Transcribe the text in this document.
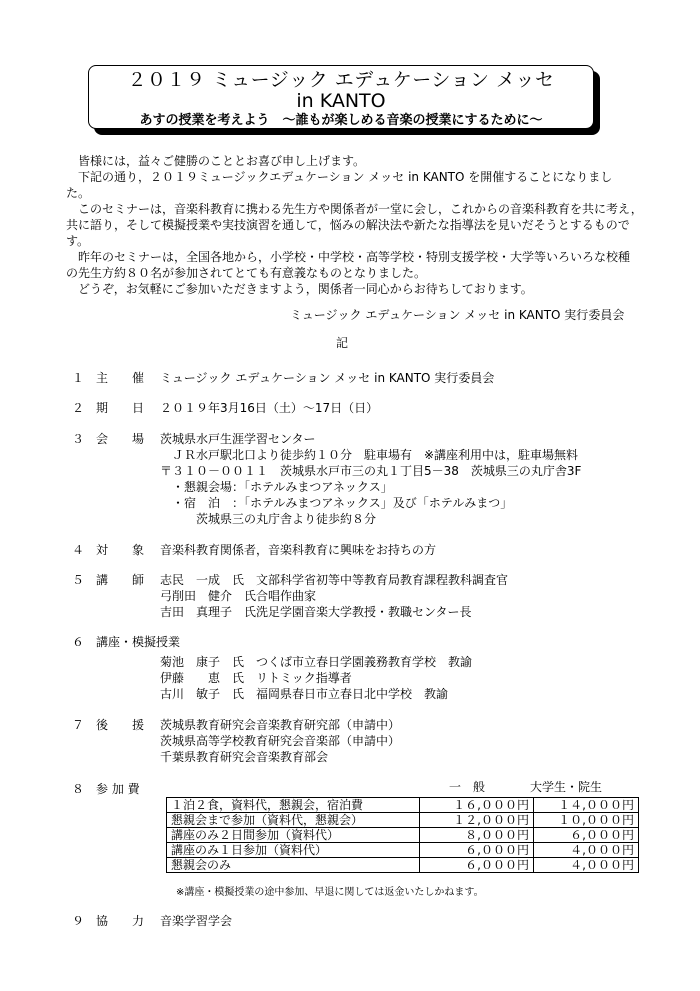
２０１９ ミュージック エデュケーション メッセ
in KANTO
あすの授業を考えよう　～誰もが楽しめる音楽の授業にするために～
皆様には，益々ご健勝のこととお喜び申し上げます。
下記の通り，２０１９ミュージックエデュケーション メッセ in KANTO を開催することになりまし
た。
このセミナーは，音楽科教育に携わる先生方や関係者が一堂に会し，これからの音楽科教育を共に考え，
共に語り，そして模擬授業や実技演習を通して，悩みの解決法や新たな指導法を見いだそうとするもので
す。
昨年のセミナーは，全国各地から，小学校・中学校・高等学校・特別支援学校・大学等いろいろな校種
の先生方約８０名が参加されてとても有意義なものとなりました。
どうぞ，お気軽にご参加いただきますよう，関係者一同心からお待ちしております。
ミュージック エデュケーション メッセ in KANTO 実行委員会
記
１ 主　　催 ミュージック エデュケーション メッセ in KANTO 実行委員会
２ 期　　日 ２０１９年3月16日（土）～17日（日）
３ 会　　場 茨城県水戸生涯学習センター
ＪＲ水戸駅北口より徒歩約１０分　駐車場有　※講座利用中は，駐車場無料
〒３１０－００１１　茨城県水戸市三の丸１丁目5－38　茨城県三の丸庁舎3F
・懇親会場：「ホテルみまつアネックス」
・宿　泊　：「ホテルみまつアネックス」及び「ホテルみまつ」
茨城県三の丸庁舎より徒歩約８分
４ 対　　象 音楽科教育関係者，音楽科教育に興味をお持ちの方
５ 講　　師 志民　一成　氏 文部科学省初等中等教育局教育課程教科調査官
弓削田　健介　氏 合唱作曲家
吉田　真理子　氏 洗足学園音楽大学教授・教職センター長
６ 講座・模擬授業
菊池　康子　氏 つくば市立春日学園義務教育学校　教諭
伊藤　　恵　氏 リトミック指導者
古川　敏子　氏 福岡県春日市立春日北中学校　教諭
７ 後　　援 茨城県教育研究会音楽教育研究部（申請中）
茨城県高等学校教育研究会音楽部（申請中）
千葉県教育研究会音楽教育部会
８ 参 加 費	一　般	大学生・院生
１泊２食，資料代，懇親会，宿泊費	１６,０００円	１４,０００円
懇親会まで参加（資料代，懇親会）	１２,０００円	１０,０００円
講座のみ２日間参加（資料代）	８,０００円	６,０００円
講座のみ１日参加（資料代）	６,０００円	４,０００円
懇親会のみ	６,０００円	４,０００円
※講座・模擬授業の途中参加、早退に関しては返金いたしかねます。
９ 協　　力 音楽学習学会
